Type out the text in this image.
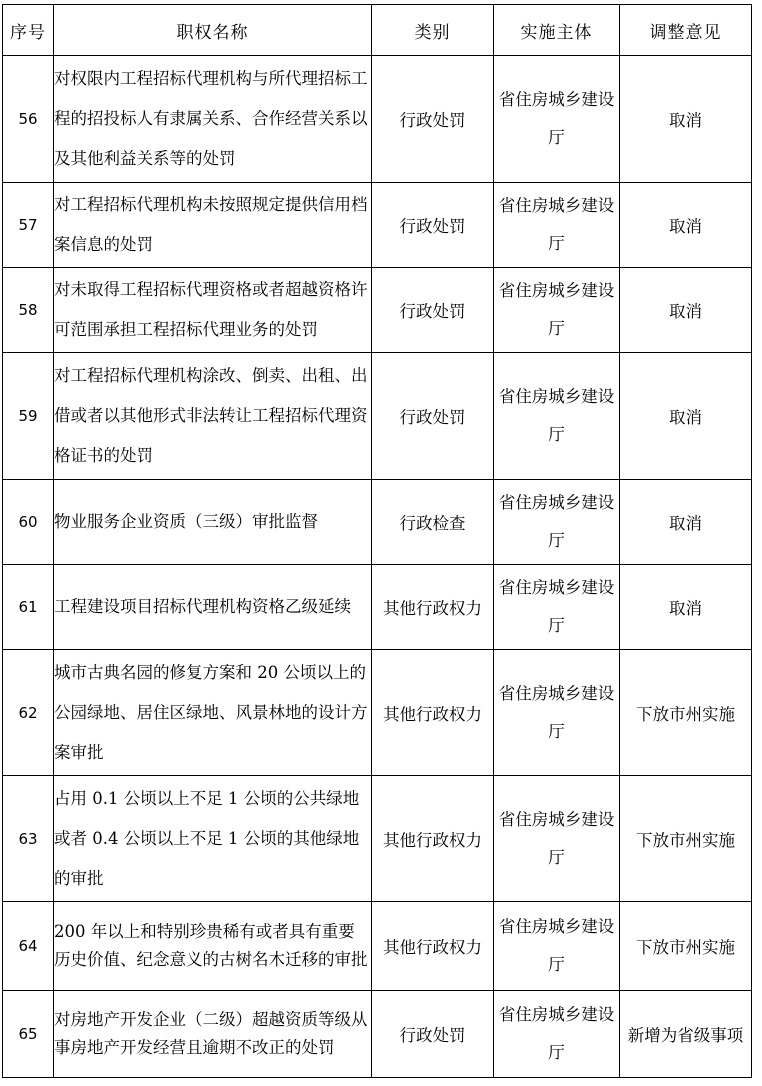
序号	职权名称	类别	实施主体	调整意见
56	对权限内工程招标代理机构与所代理招标工程的招投标人有隶属关系、合作经营关系以及其他利益关系等的处罚	行政处罚	省住房城乡建设厅	取消
57	对工程招标代理机构未按照规定提供信用档案信息的处罚	行政处罚	省住房城乡建设厅	取消
58	对未取得工程招标代理资格或者超越资格许可范围承担工程招标代理业务的处罚	行政处罚	省住房城乡建设厅	取消
59	对工程招标代理机构涂改、倒卖、出租、出借或者以其他形式非法转让工程招标代理资格证书的处罚	行政处罚	省住房城乡建设厅	取消
60	物业服务企业资质（三级）审批监督	行政检查	省住房城乡建设厅	取消
61	工程建设项目招标代理机构资格乙级延续	其他行政权力	省住房城乡建设厅	取消
62	城市古典名园的修复方案和 20 公顷以上的公园绿地、居住区绿地、风景林地的设计方案审批	其他行政权力	省住房城乡建设厅	下放市州实施
63	占用 0.1 公顷以上不足 1 公顷的公共绿地或者 0.4 公顷以上不足 1 公顷的其他绿地的审批	其他行政权力	省住房城乡建设厅	下放市州实施
64	200 年以上和特别珍贵稀有或者具有重要历史价值、纪念意义的古树名木迁移的审批	其他行政权力	省住房城乡建设厅	下放市州实施
65	对房地产开发企业（二级）超越资质等级从事房地产开发经营且逾期不改正的处罚	行政处罚	省住房城乡建设厅	新增为省级事项
